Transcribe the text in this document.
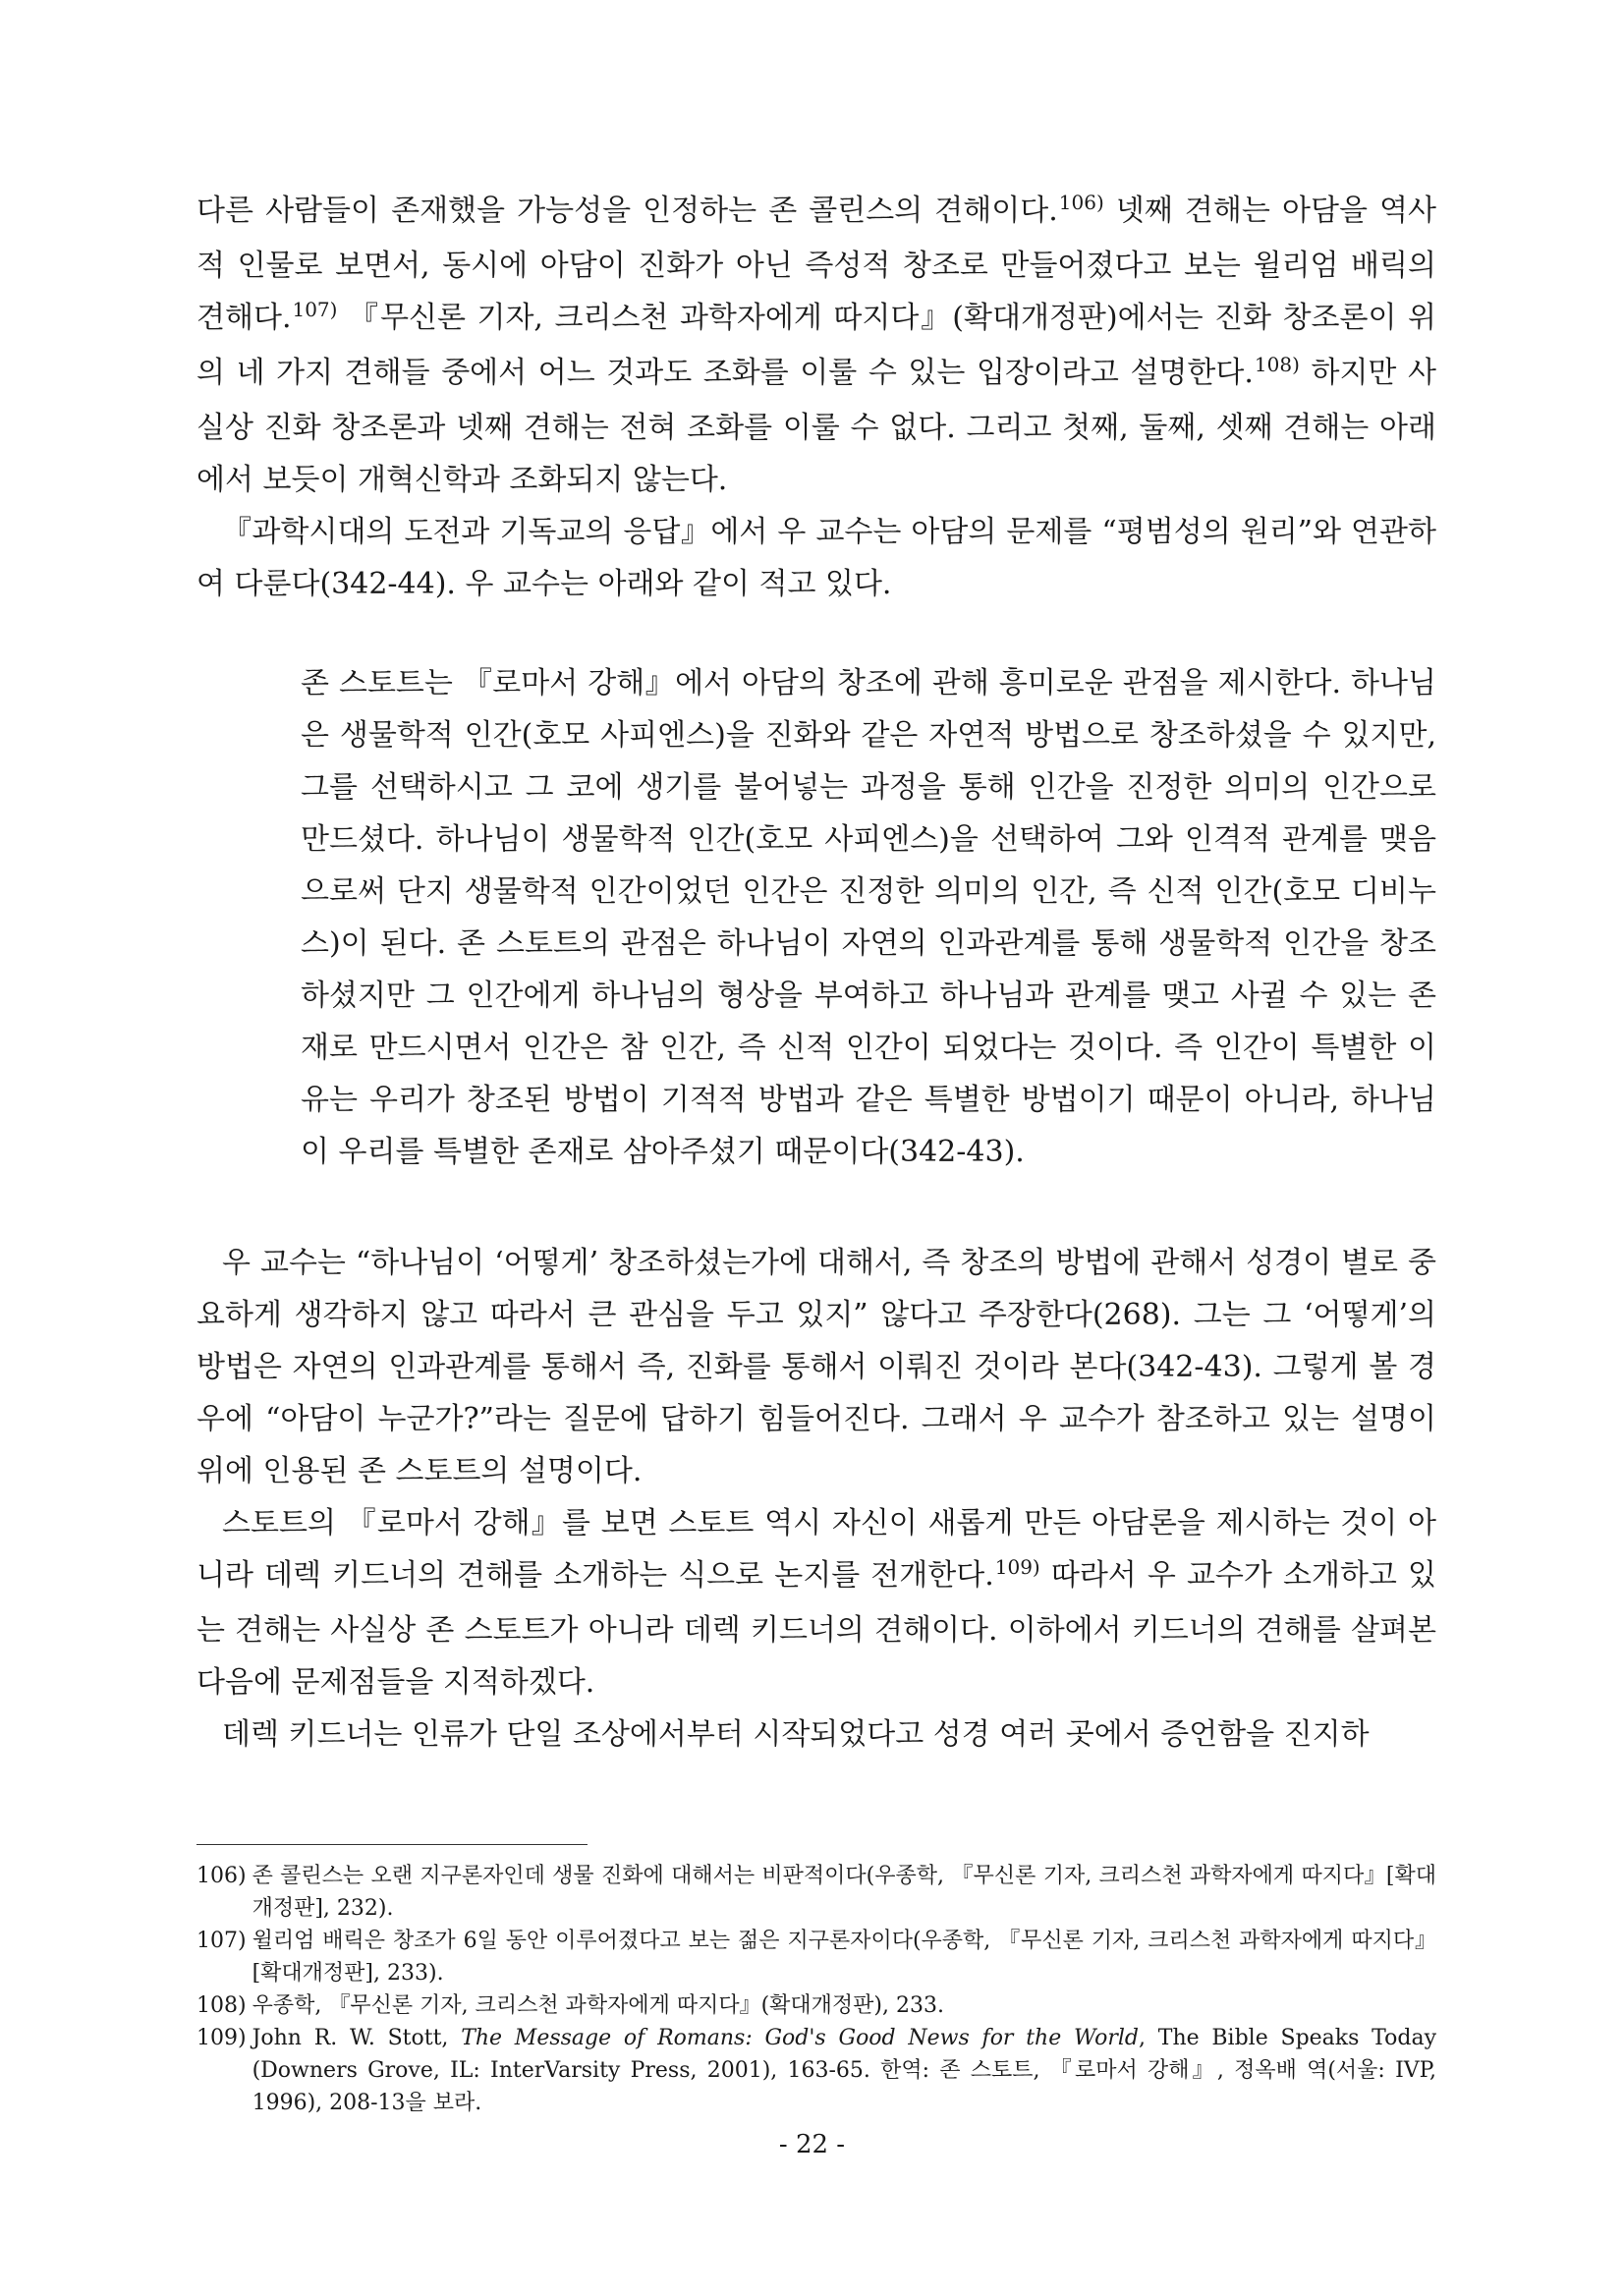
다른 사람들이 존재했을 가능성을 인정하는 존 콜린스의 견해이다.$^{106)}$ 넷째 견해는 아담을 역사적 인물로 보면서, 동시에 아담이 진화가 아닌 즉성적 창조로 만들어졌다고 보는 윌리엄 배릭의 견해다.$^{107)}$ 『무신론 기자, 크리스천 과학자에게 따지다』(확대개정판)에서는 진화 창조론이 위의 네 가지 견해들 중에서 어느 것과도 조화를 이룰 수 있는 입장이라고 설명한다.$^{108)}$ 하지만 사실상 진화 창조론과 넷째 견해는 전혀 조화를 이룰 수 없다. 그리고 첫째, 둘째, 셋째 견해는 아래에서 보듯이 개혁신학과 조화되지 않는다.

『과학시대의 도전과 기독교의 응답』에서 우 교수는 아담의 문제를 “평범성의 원리”와 연관하여 다룬다(342-44). 우 교수는 아래와 같이 적고 있다.

존 스토트는 『로마서 강해』에서 아담의 창조에 관해 흥미로운 관점을 제시한다. 하나님은 생물학적 인간(호모 사피엔스)을 진화와 같은 자연적 방법으로 창조하셨을 수 있지만, 그를 선택하시고 그 코에 생기를 불어넣는 과정을 통해 인간을 진정한 의미의 인간으로 만드셨다. 하나님이 생물학적 인간(호모 사피엔스)을 선택하여 그와 인격적 관계를 맺음으로써 단지 생물학적 인간이었던 인간은 진정한 의미의 인간, 즉 신적 인간(호모 디비누스)이 된다. 존 스토트의 관점은 하나님이 자연의 인과관계를 통해 생물학적 인간을 창조하셨지만 그 인간에게 하나님의 형상을 부여하고 하나님과 관계를 맺고 사귈 수 있는 존재로 만드시면서 인간은 참 인간, 즉 신적 인간이 되었다는 것이다. 즉 인간이 특별한 이유는 우리가 창조된 방법이 기적적 방법과 같은 특별한 방법이기 때문이 아니라, 하나님이 우리를 특별한 존재로 삼아주셨기 때문이다(342-43).

우 교수는 “하나님이 ‘어떻게’ 창조하셨는가에 대해서, 즉 창조의 방법에 관해서 성경이 별로 중요하게 생각하지 않고 따라서 큰 관심을 두고 있지” 않다고 주장한다(268). 그는 그 ‘어떻게’의 방법은 자연의 인과관계를 통해서 즉, 진화를 통해서 이뤄진 것이라 본다(342-43). 그렇게 볼 경우에 “아담이 누군가?”라는 질문에 답하기 힘들어진다. 그래서 우 교수가 참조하고 있는 설명이 위에 인용된 존 스토트의 설명이다.

스토트의 『로마서 강해』를 보면 스토트 역시 자신이 새롭게 만든 아담론을 제시하는 것이 아니라 데렉 키드너의 견해를 소개하는 식으로 논지를 전개한다.$^{109)}$ 따라서 우 교수가 소개하고 있는 견해는 사실상 존 스토트가 아니라 데렉 키드너의 견해이다. 이하에서 키드너의 견해를 살펴본 다음에 문제점들을 지적하겠다.

데렉 키드너는 인류가 단일 조상에서부터 시작되었다고 성경 여러 곳에서 증언함을 진지하

106) 존 콜린스는 오랜 지구론자인데 생물 진화에 대해서는 비판적이다(우종학, 『무신론 기자, 크리스천 과학자에게 따지다』[확대개정판], 232).

107) 윌리엄 배릭은 창조가 6일 동안 이루어졌다고 보는 젊은 지구론자이다(우종학, 『무신론 기자, 크리스천 과학자에게 따지다』[확대개정판], 233).

108) 우종학, 『무신론 기자, 크리스천 과학자에게 따지다』(확대개정판), 233.

109) John R. W. Stott, The Message of Romans: God's Good News for the World, The Bible Speaks Today (Downers Grove, IL: InterVarsity Press, 2001), 163-65. 한역: 존 스토트, 『로마서 강해』, 정옥배 역(서울: IVP, 1996), 208-13을 보라.

- 22 -
